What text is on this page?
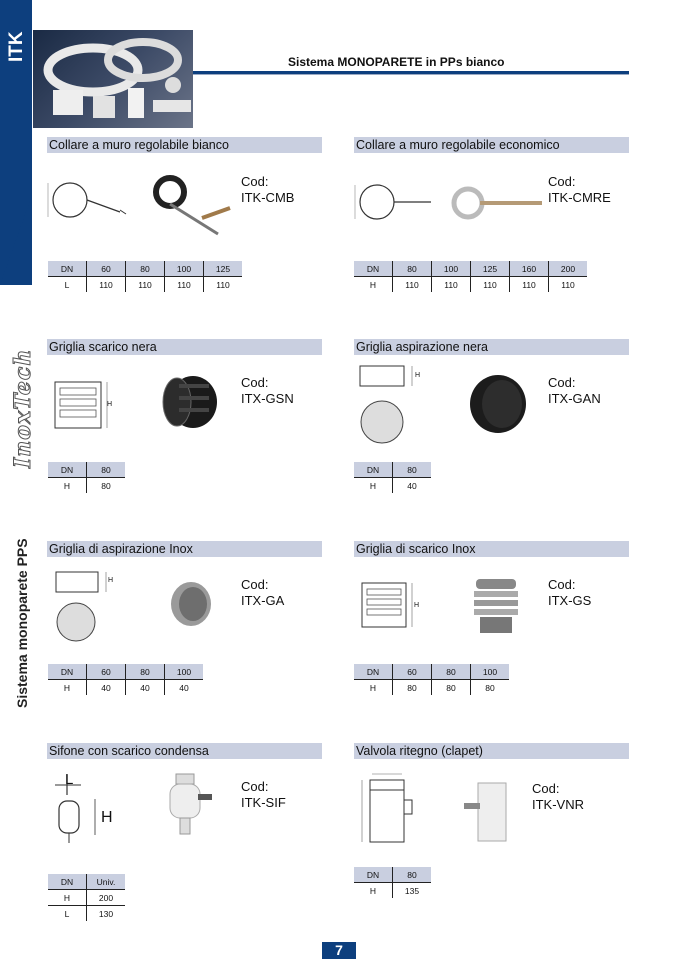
ITK
InoxTech
Sistema monoparete PPS
Sistema MONOPARETE in PPs bianco
Collare a muro regolabile bianco
Cod:
ITK-CMB
DN	60	80	100	125
L	110	110	110	110
Collare a muro regolabile economico
Cod:
ITK-CMRE
DN	80	100	125	160	200
H	110	110	110	110	110
Griglia scarico nera
H
Cod:
ITX-GSN
DN	80
H	80
Griglia aspirazione nera
H	Cod:
ITX-GAN
DN	80
H	40
Griglia di aspirazione Inox
H	Cod:
ITX-GA
DN	60	80	100
H	40	40	40
Griglia di scarico Inox
H
Cod:
ITX-GS
DN	60	80	100
H	80	80	80
Sifone con scarico condensa
L
H
Cod:
ITK-SIF
DN	Univ.
H	200
L	130
Valvola ritegno (clapet)
Cod:
ITK-VNR
DN	80
H	135
7
